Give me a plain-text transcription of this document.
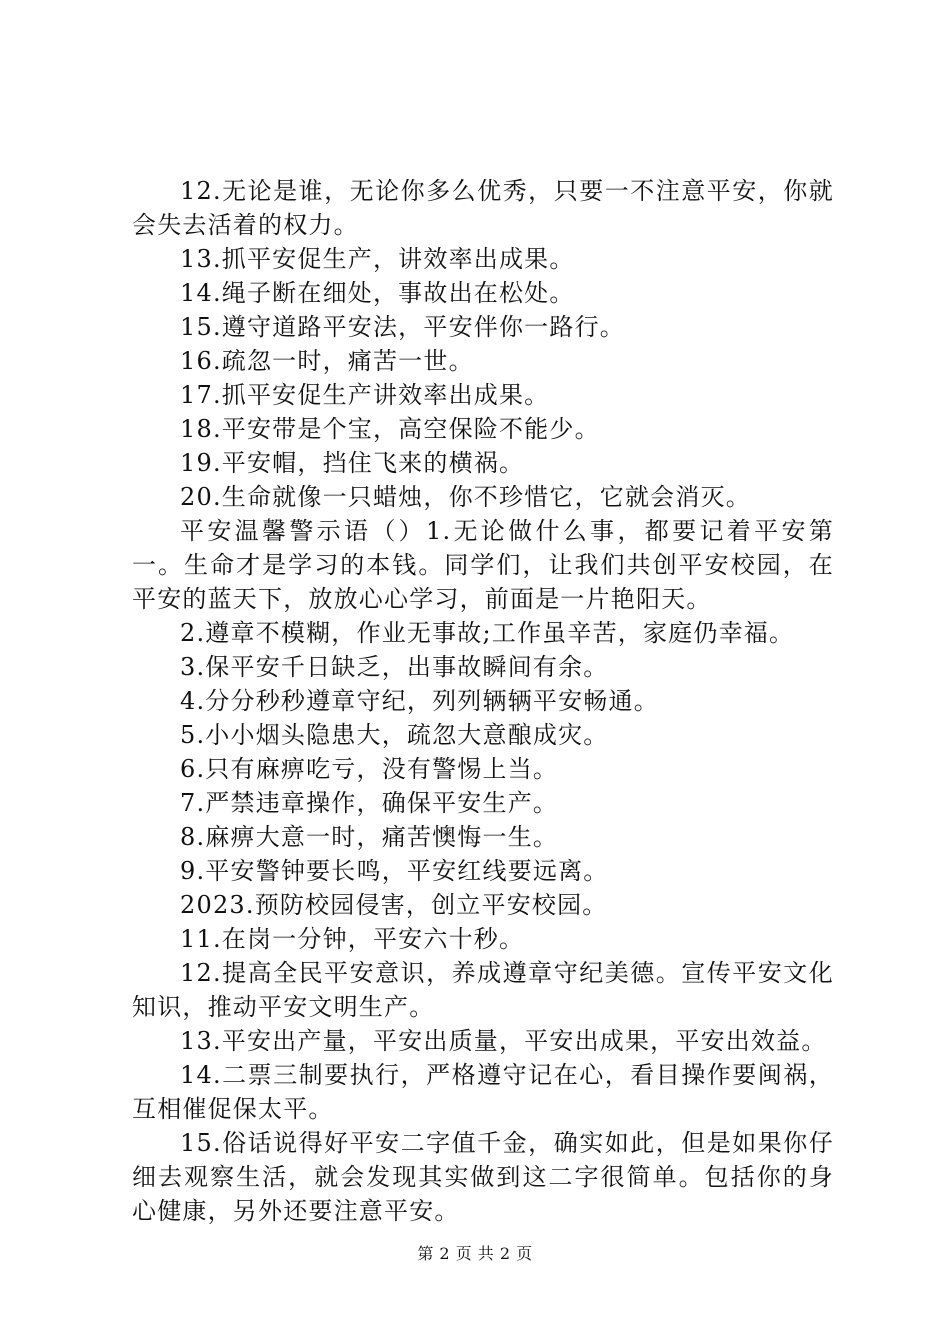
12.无论是谁，无论你多么优秀，只要一不注意平安，你就会失去活着的权力。

13.抓平安促生产，讲效率出成果。

14.绳子断在细处，事故出在松处。

15.遵守道路平安法，平安伴你一路行。

16.疏忽一时，痛苦一世。

17.抓平安促生产讲效率出成果。

18.平安带是个宝，高空保险不能少。

19.平安帽，挡住飞来的横祸。

20.生命就像一只蜡烛，你不珍惜它，它就会消灭。

平安温馨警示语（）1.无论做什么事，都要记着平安第一。生命才是学习的本钱。同学们，让我们共创平安校园，在平安的蓝天下，放放心心学习，前面是一片艳阳天。

2.遵章不模糊，作业无事故;工作虽辛苦，家庭仍幸福。

3.保平安千日缺乏，出事故瞬间有余。

4.分分秒秒遵章守纪，列列辆辆平安畅通。

5.小小烟头隐患大，疏忽大意酿成灾。

6.只有麻痹吃亏，没有警惕上当。

7.严禁违章操作，确保平安生产。

8.麻痹大意一时，痛苦懊悔一生。

9.平安警钟要长鸣，平安红线要远离。

2023.预防校园侵害，创立平安校园。

11.在岗一分钟，平安六十秒。

12.提高全民平安意识，养成遵章守纪美德。宣传平安文化知识，推动平安文明生产。

13.平安出产量，平安出质量，平安出成果，平安出效益。

14.二票三制要执行，严格遵守记在心，看目操作要闽祸，互相催促保太平。

15.俗话说得好平安二字值千金，确实如此，但是如果你仔细去观察生活，就会发现其实做到这二字很简单。包括你的身心健康，另外还要注意平安。

第 2 页 共 2 页
